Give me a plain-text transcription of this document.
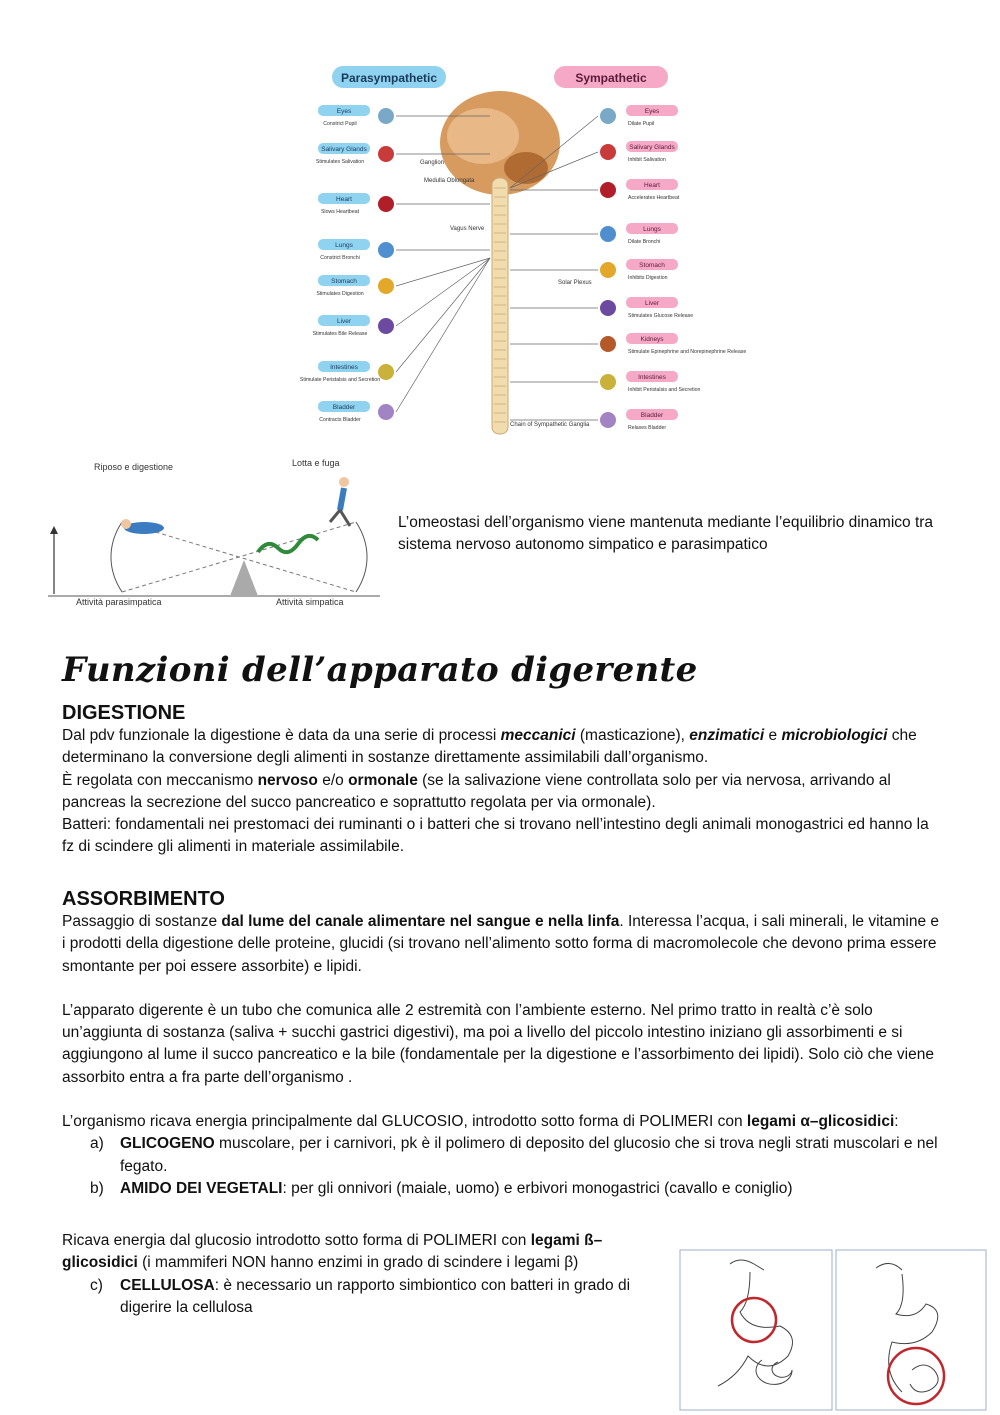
Parasympathetic	Sympathetic
Eyes
Constrict Pupil
Salivary Glands
Stimulates Salivation
Heart
Slows Heartbeat
Lungs
Constrict Bronchi
Stomach
Stimulates Digestion
Liver
Stimulates Bile Release
Intestines
Stimulate Peristalsis and Secretion
Bladder
Contracts Bladder
Eyes
Dilate Pupil
Salivary Glands
Inhibit Salivation
Heart
Accelerates Heartbeat
Lungs
Dilate Bronchi
Stomach
Inhibits Digestion
Liver
Stimulates Glucose Release
Kidneys
Stimulate Epinephrine and Norepinephrine Release
Intestines
Inhibit Peristalsis and Secretion
Bladder
Relaxes Bladder
Ganglion
Medulla Oblongata
Vagus Nerve
Solar Plexus
Chain of Sympathetic Ganglia
Riposo e digestione	Lotta e fuga
Attività parasimpatica	Attività simpatica
L’omeostasi dell’organismo viene mantenuta mediante l’equilibrio dinamico tra sistema nervoso autonomo simpatico e parasimpatico
Funzioni dell’apparato digerente
DIGESTIONE
Dal pdv funzionale la digestione è data da una serie di processi meccanici (masticazione), enzimatici e microbiologici che determinano la conversione degli alimenti in sostanze direttamente assimilabili dall’organismo.
È regolata con meccanismo nervoso e/o ormonale (se la salivazione viene controllata solo per via nervosa, arrivando al pancreas la secrezione del succo pancreatico e soprattutto regolata per via ormonale).
Batteri: fondamentali nei prestomaci dei ruminanti o i batteri che si trovano nell’intestino degli animali monogastrici ed hanno la fz di scindere gli alimenti in materiale assimilabile.
ASSORBIMENTO
Passaggio di sostanze dal lume del canale alimentare nel sangue e nella linfa. Interessa l’acqua, i sali minerali, le vitamine e i prodotti della digestione delle proteine, glucidi (si trovano nell’alimento sotto forma di macromolecole che devono prima essere smontante per poi essere assorbite) e lipidi.
L’apparato digerente è un tubo che comunica alle 2 estremità con l’ambiente esterno. Nel primo tratto in realtà c’è solo un’aggiunta di sostanza (saliva + succhi gastrici digestivi), ma poi a livello del piccolo intestino iniziano gli assorbimenti e si aggiungono al lume il succo pancreatico e la bile (fondamentale per la digestione e l’assorbimento dei lipidi). Solo ciò che viene assorbito entra a fra parte dell’organismo .
L’organismo ricava energia principalmente dal GLUCOSIO, introdotto sotto forma di POLIMERI con legami α–glicosidici:
a) GLICOGENO muscolare, per i carnivori, pk è il polimero di deposito del glucosio che si trova negli strati muscolari e nel fegato.
b) AMIDO DEI VEGETALI: per gli onnivori (maiale, uomo) e erbivori monogastrici (cavallo e coniglio)
Ricava energia dal glucosio introdotto sotto forma di POLIMERI con legami ß–glicosidici (i mammiferi NON hanno enzimi in grado di scindere i legami β)
c) CELLULOSA: è necessario un rapporto simbiontico con batteri in grado di digerire la cellulosa
